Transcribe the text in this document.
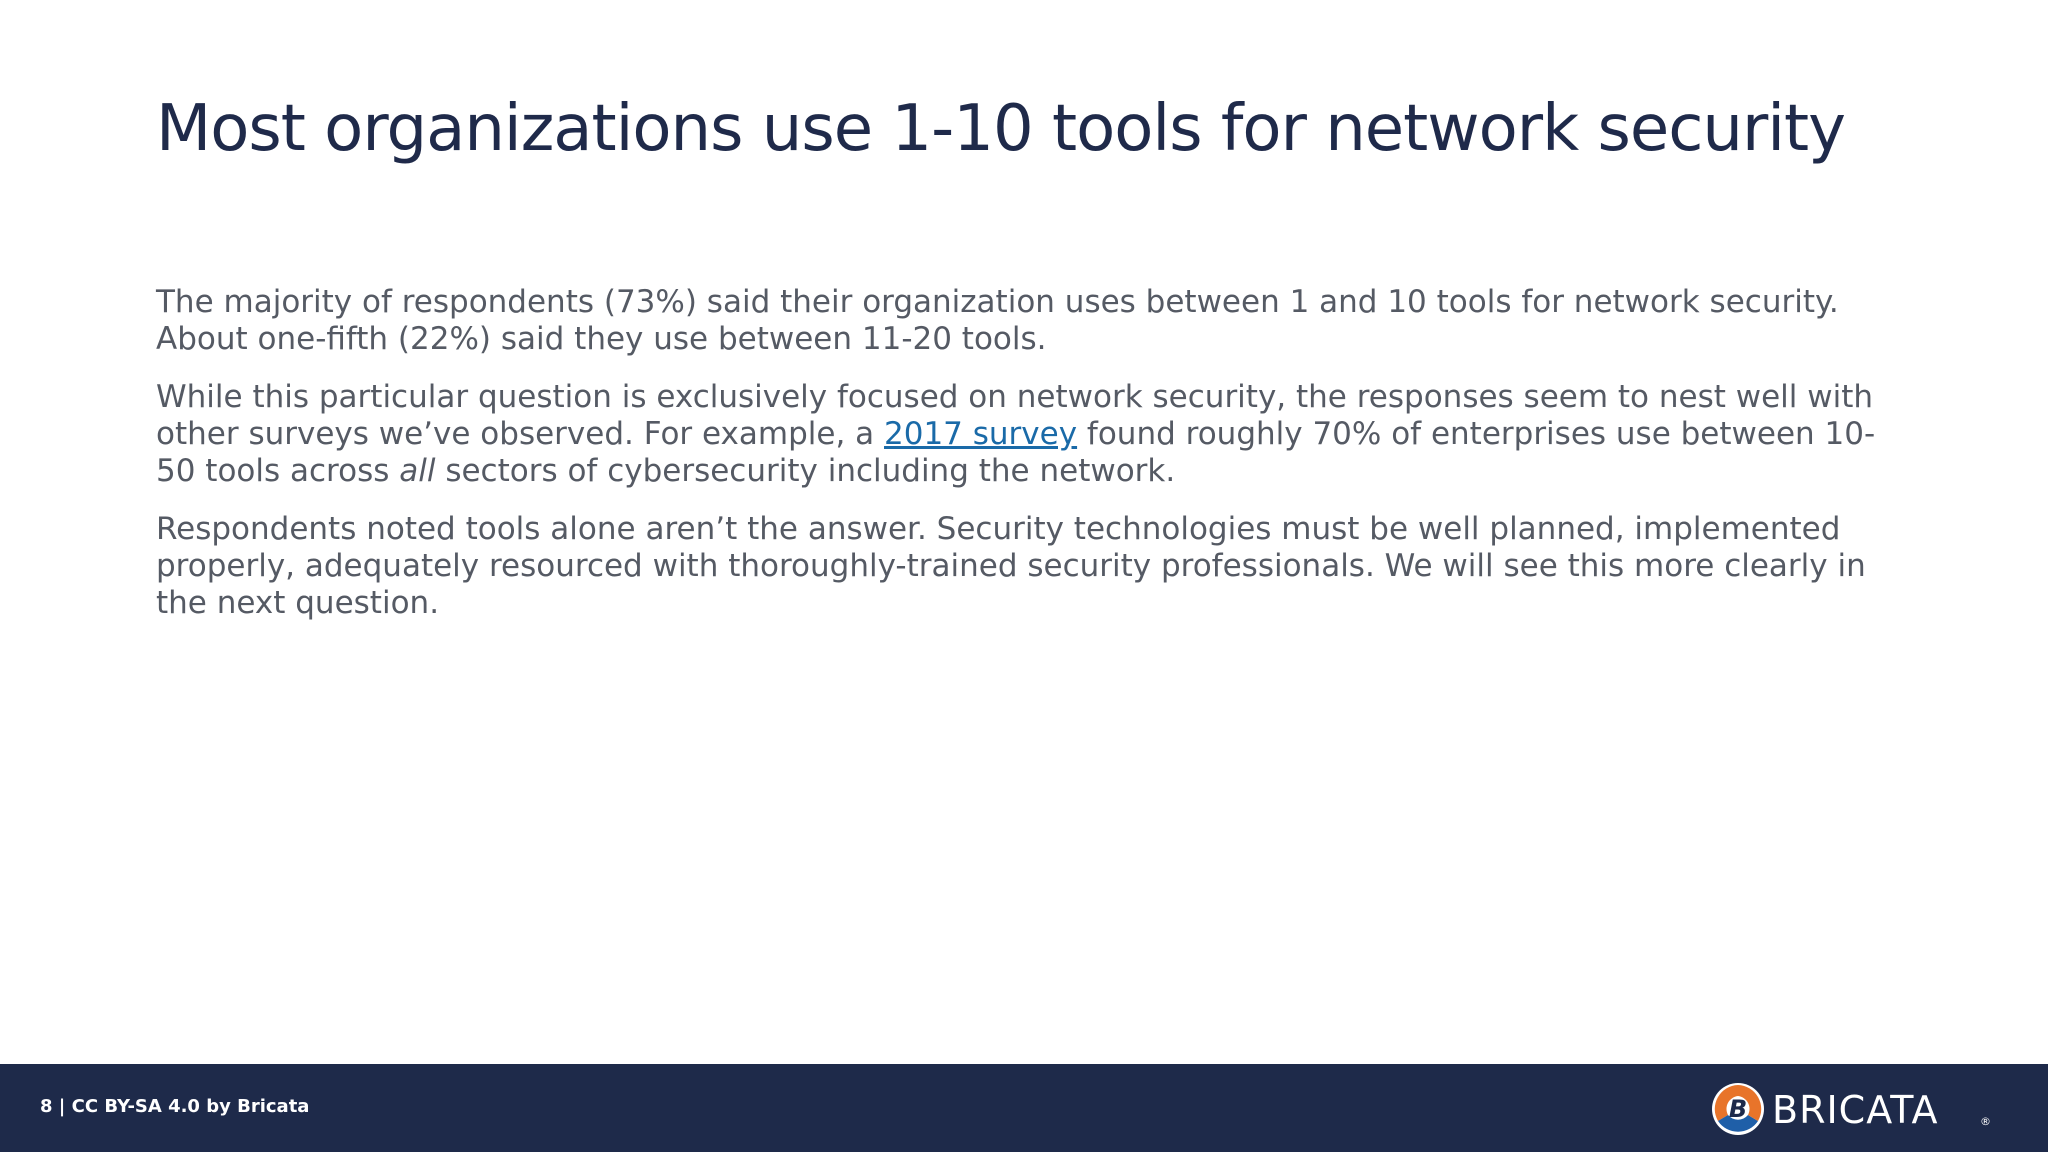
Most organizations use 1-10 tools for network security

The majority of respondents (73%) said their organization uses between 1 and 10 tools for network security. About one-fifth (22%) said they use between 11-20 tools.

While this particular question is exclusively focused on network security, the responses seem to nest well with other surveys we’ve observed. For example, a 2017 survey found roughly 70% of enterprises use between 10-50 tools across all sectors of cybersecurity including the network.

Respondents noted tools alone aren’t the answer. Security technologies must be well planned, implemented properly, adequately resourced with thoroughly-trained security professionals. We will see this more clearly in the next question.

8 | CC BY-SA 4.0 by Bricata	B BRICATA	®
